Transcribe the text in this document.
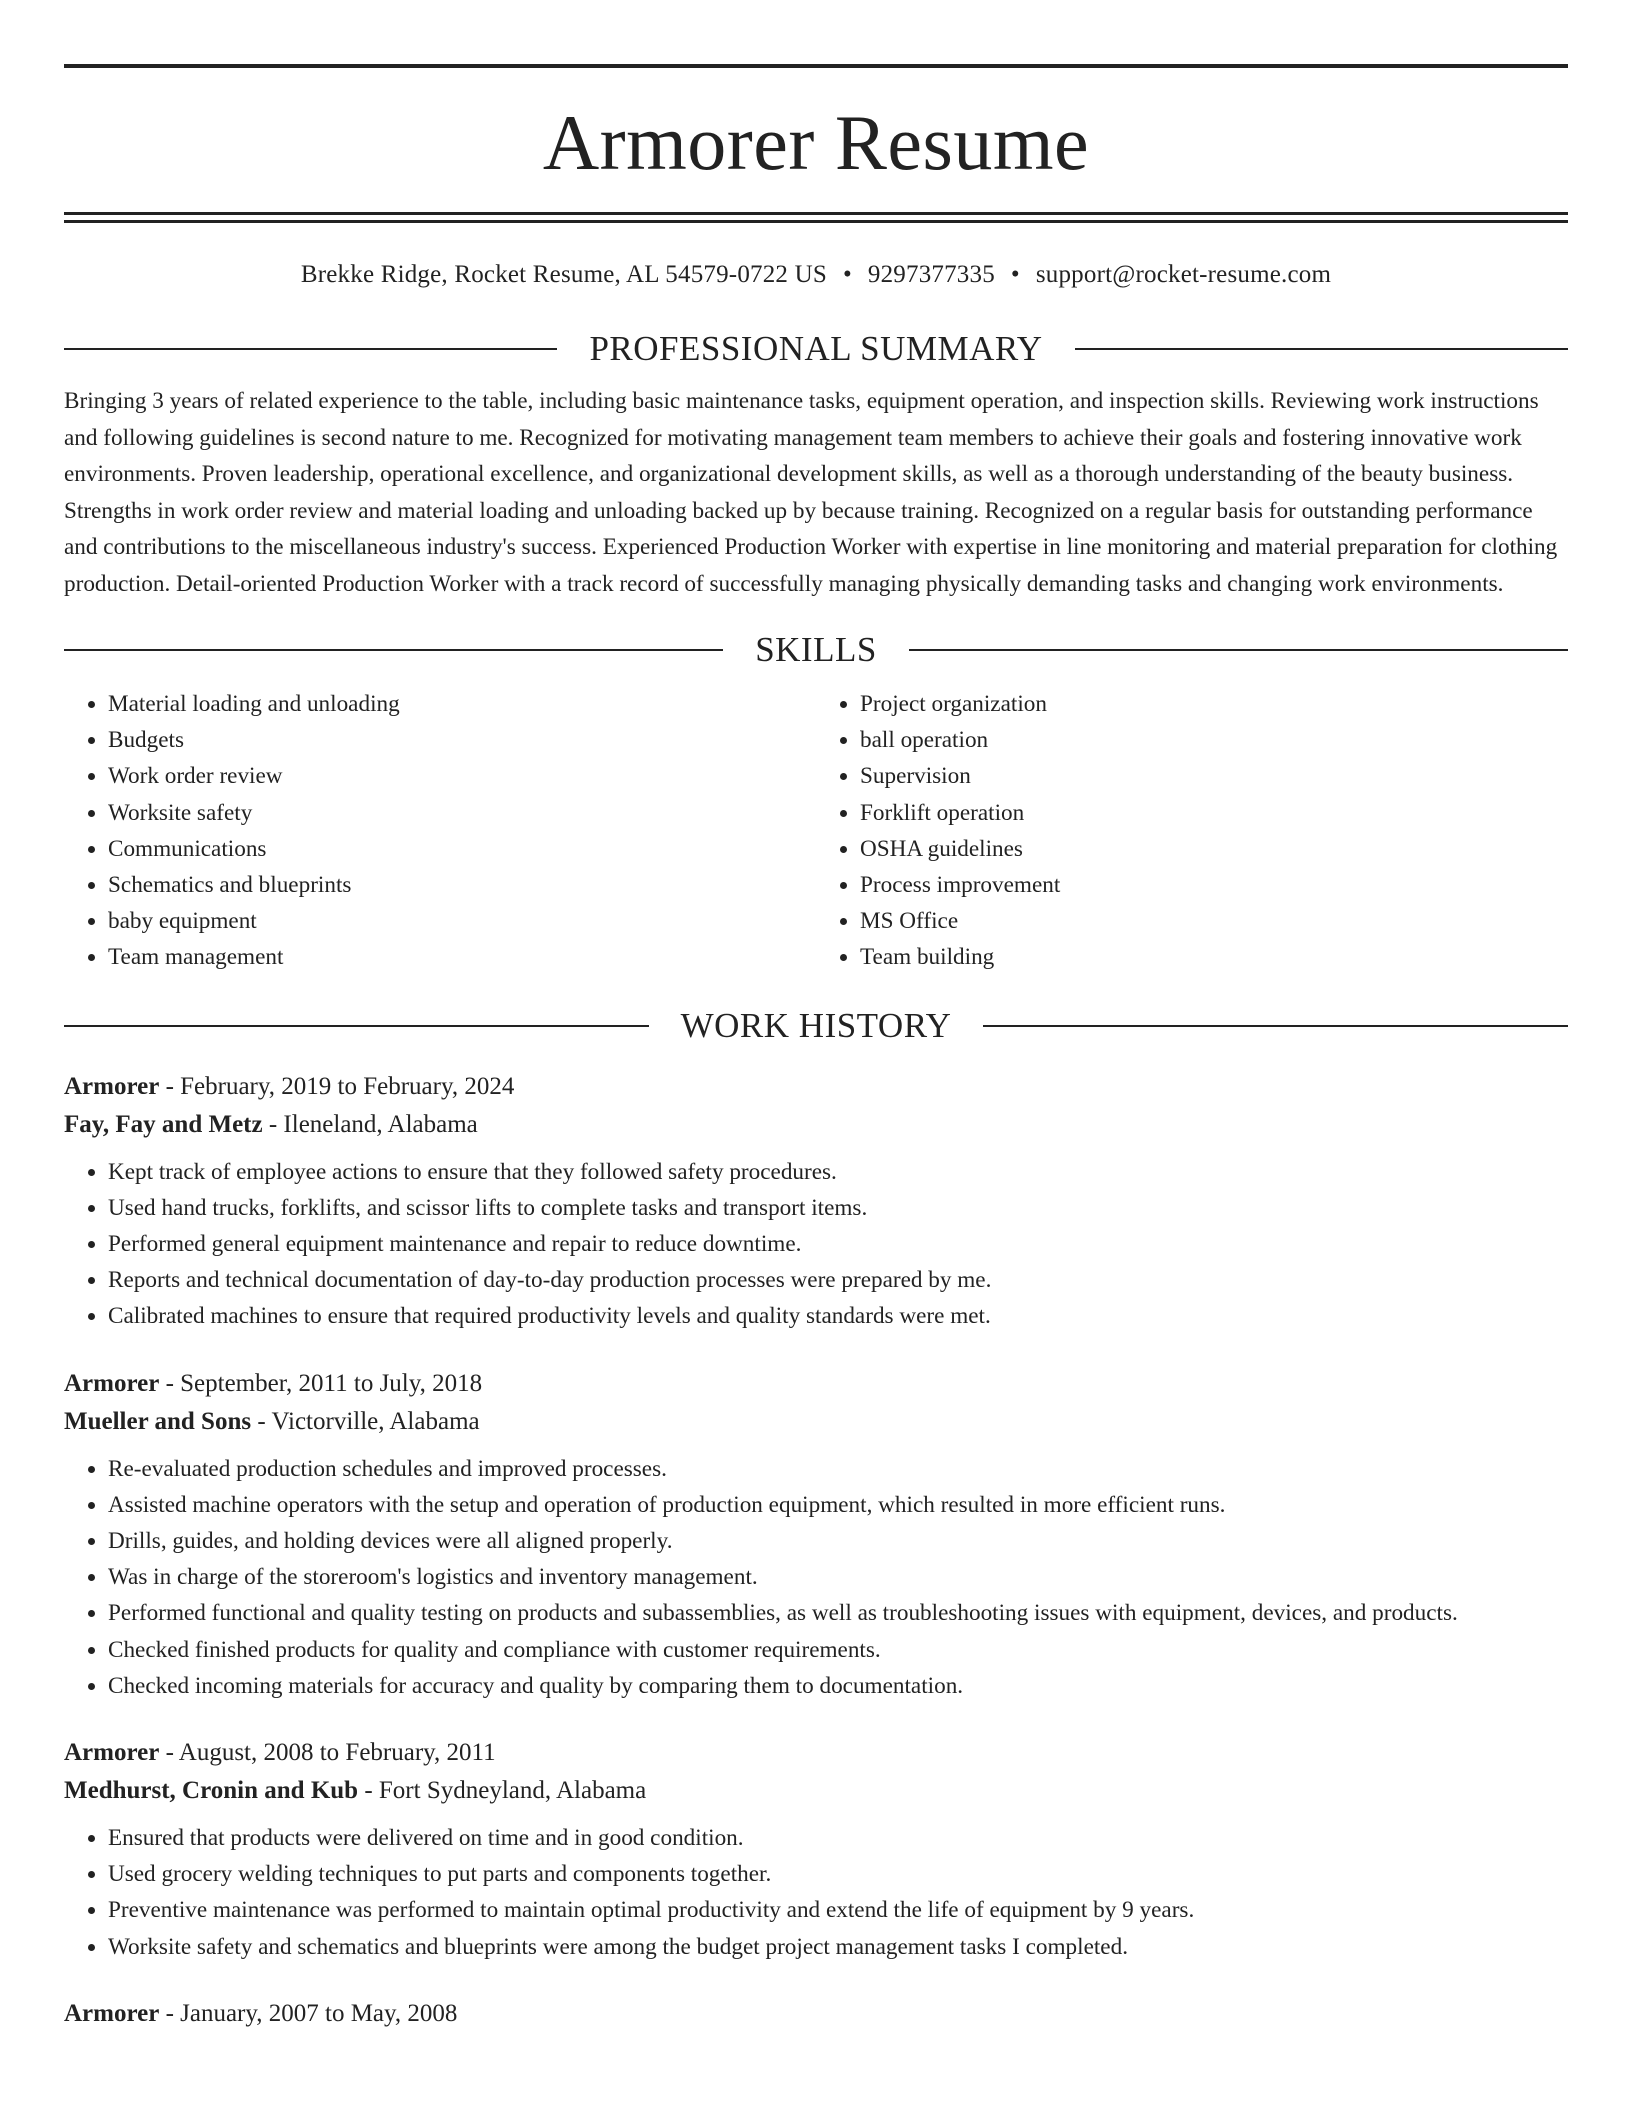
Armorer Resume
Brekke Ridge, Rocket Resume, AL 54579-0722 US • 9297377335 • support@rocket-resume.com
PROFESSIONAL SUMMARY

Bringing 3 years of related experience to the table, including basic maintenance tasks, equipment operation, and inspection skills. Reviewing work instructions and following guidelines is second nature to me. Recognized for motivating management team members to achieve their goals and fostering innovative work environments. Proven leadership, operational excellence, and organizational development skills, as well as a thorough understanding of the beauty business. Strengths in work order review and material loading and unloading backed up by because training. Recognized on a regular basis for outstanding performance and contributions to the miscellaneous industry's success. Experienced Production Worker with expertise in line monitoring and material preparation for clothing production. Detail-oriented Production Worker with a track record of successfully managing physically demanding tasks and changing work environments.

SKILLS
• Material loading and unloading
• Budgets
• Work order review
• Worksite safety
• Communications
• Schematics and blueprints
• baby equipment
• Team management
• Project organization
• ball operation
• Supervision
• Forklift operation
• OSHA guidelines
• Process improvement
• MS Office
• Team building
WORK HISTORY
Armorer - February, 2019 to February, 2024
Fay, Fay and Metz - Ileneland, Alabama
• Kept track of employee actions to ensure that they followed safety procedures.
• Used hand trucks, forklifts, and scissor lifts to complete tasks and transport items.
• Performed general equipment maintenance and repair to reduce downtime.
• Reports and technical documentation of day-to-day production processes were prepared by me.
• Calibrated machines to ensure that required productivity levels and quality standards were met.
Armorer - September, 2011 to July, 2018
Mueller and Sons - Victorville, Alabama
• Re-evaluated production schedules and improved processes.
• Assisted machine operators with the setup and operation of production equipment, which resulted in more efficient runs.
• Drills, guides, and holding devices were all aligned properly.
• Was in charge of the storeroom's logistics and inventory management.
• Performed functional and quality testing on products and subassemblies, as well as troubleshooting issues with equipment, devices, and products.
• Checked finished products for quality and compliance with customer requirements.
• Checked incoming materials for accuracy and quality by comparing them to documentation.
Armorer - August, 2008 to February, 2011
Medhurst, Cronin and Kub - Fort Sydneyland, Alabama
• Ensured that products were delivered on time and in good condition.
• Used grocery welding techniques to put parts and components together.
• Preventive maintenance was performed to maintain optimal productivity and extend the life of equipment by 9 years.
• Worksite safety and schematics and blueprints were among the budget project management tasks I completed.
Armorer - January, 2007 to May, 2008
